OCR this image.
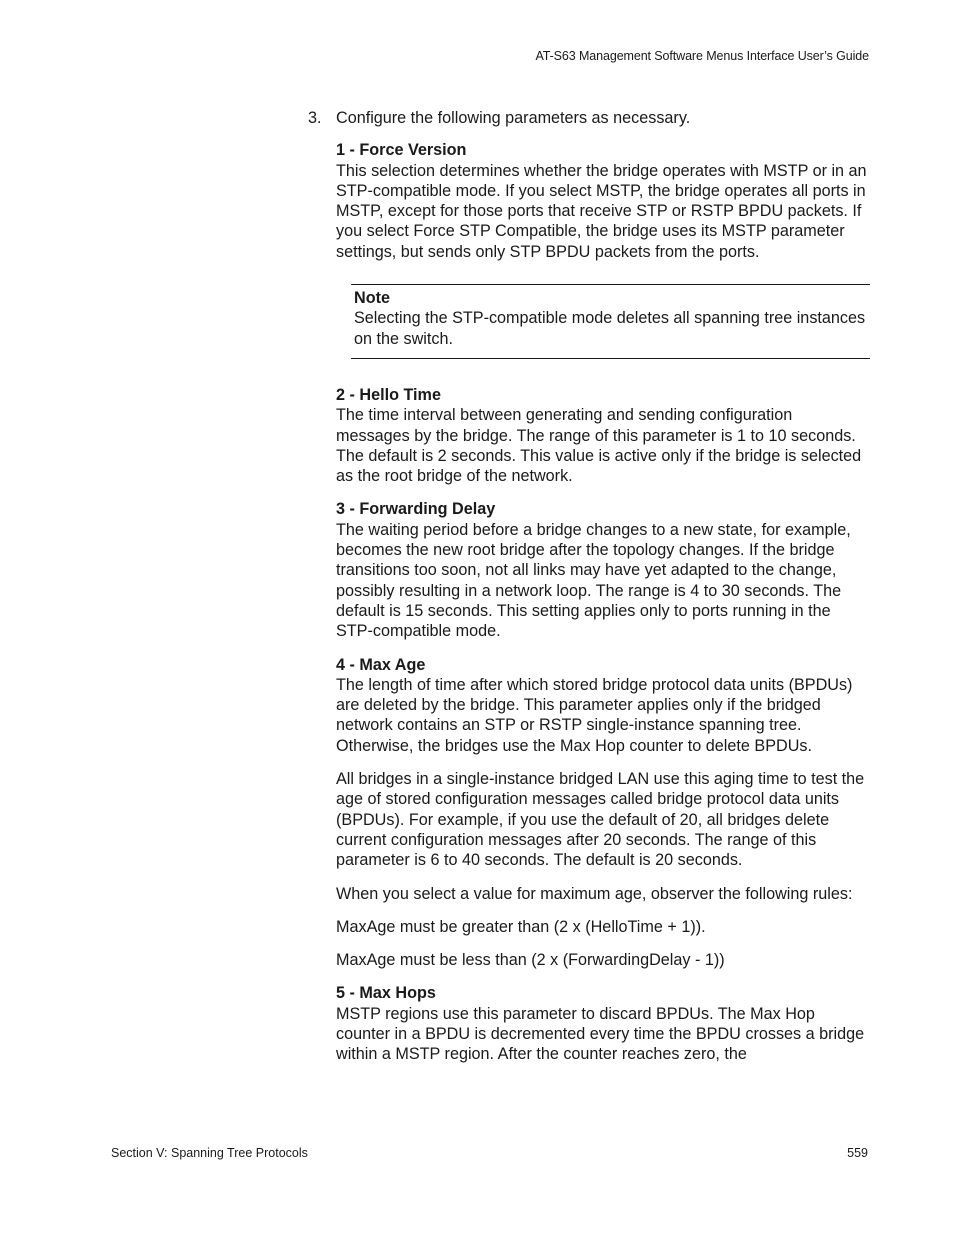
AT-S63 Management Software Menus Interface User’s Guide
3. Configure the following parameters as necessary.
1 - Force Version

This selection determines whether the bridge operates with MSTP or in an STP-compatible mode. If you select MSTP, the bridge operates all ports in MSTP, except for those ports that receive STP or RSTP BPDU packets. If you select Force STP Compatible, the bridge uses its MSTP parameter settings, but sends only STP BPDU packets from the ports.

Note
Selecting the STP-compatible mode deletes all spanning tree instances on the switch.
2 - Hello Time

The time interval between generating and sending configuration messages by the bridge. The range of this parameter is 1 to 10 seconds. The default is 2 seconds. This value is active only if the bridge is selected as the root bridge of the network.

3 - Forwarding Delay

The waiting period before a bridge changes to a new state, for example, becomes the new root bridge after the topology changes. If the bridge transitions too soon, not all links may have yet adapted to the change, possibly resulting in a network loop. The range is 4 to 30 seconds. The default is 15 seconds. This setting applies only to ports running in the STP-compatible mode.

4 - Max Age

The length of time after which stored bridge protocol data units (BPDUs) are deleted by the bridge. This parameter applies only if the bridged network contains an STP or RSTP single-instance spanning tree. Otherwise, the bridges use the Max Hop counter to delete BPDUs.

All bridges in a single-instance bridged LAN use this aging time to test the age of stored configuration messages called bridge protocol data units (BPDUs). For example, if you use the default of 20, all bridges delete current configuration messages after 20 seconds. The range of this parameter is 6 to 40 seconds. The default is 20 seconds.

When you select a value for maximum age, observer the following rules:

MaxAge must be greater than (2 x (HelloTime + 1)).

MaxAge must be less than (2 x (ForwardingDelay - 1))

5 - Max Hops

MSTP regions use this parameter to discard BPDUs. The Max Hop counter in a BPDU is decremented every time the BPDU crosses a bridge within a MSTP region. After the counter reaches zero, the

Section V: Spanning Tree Protocols	559
